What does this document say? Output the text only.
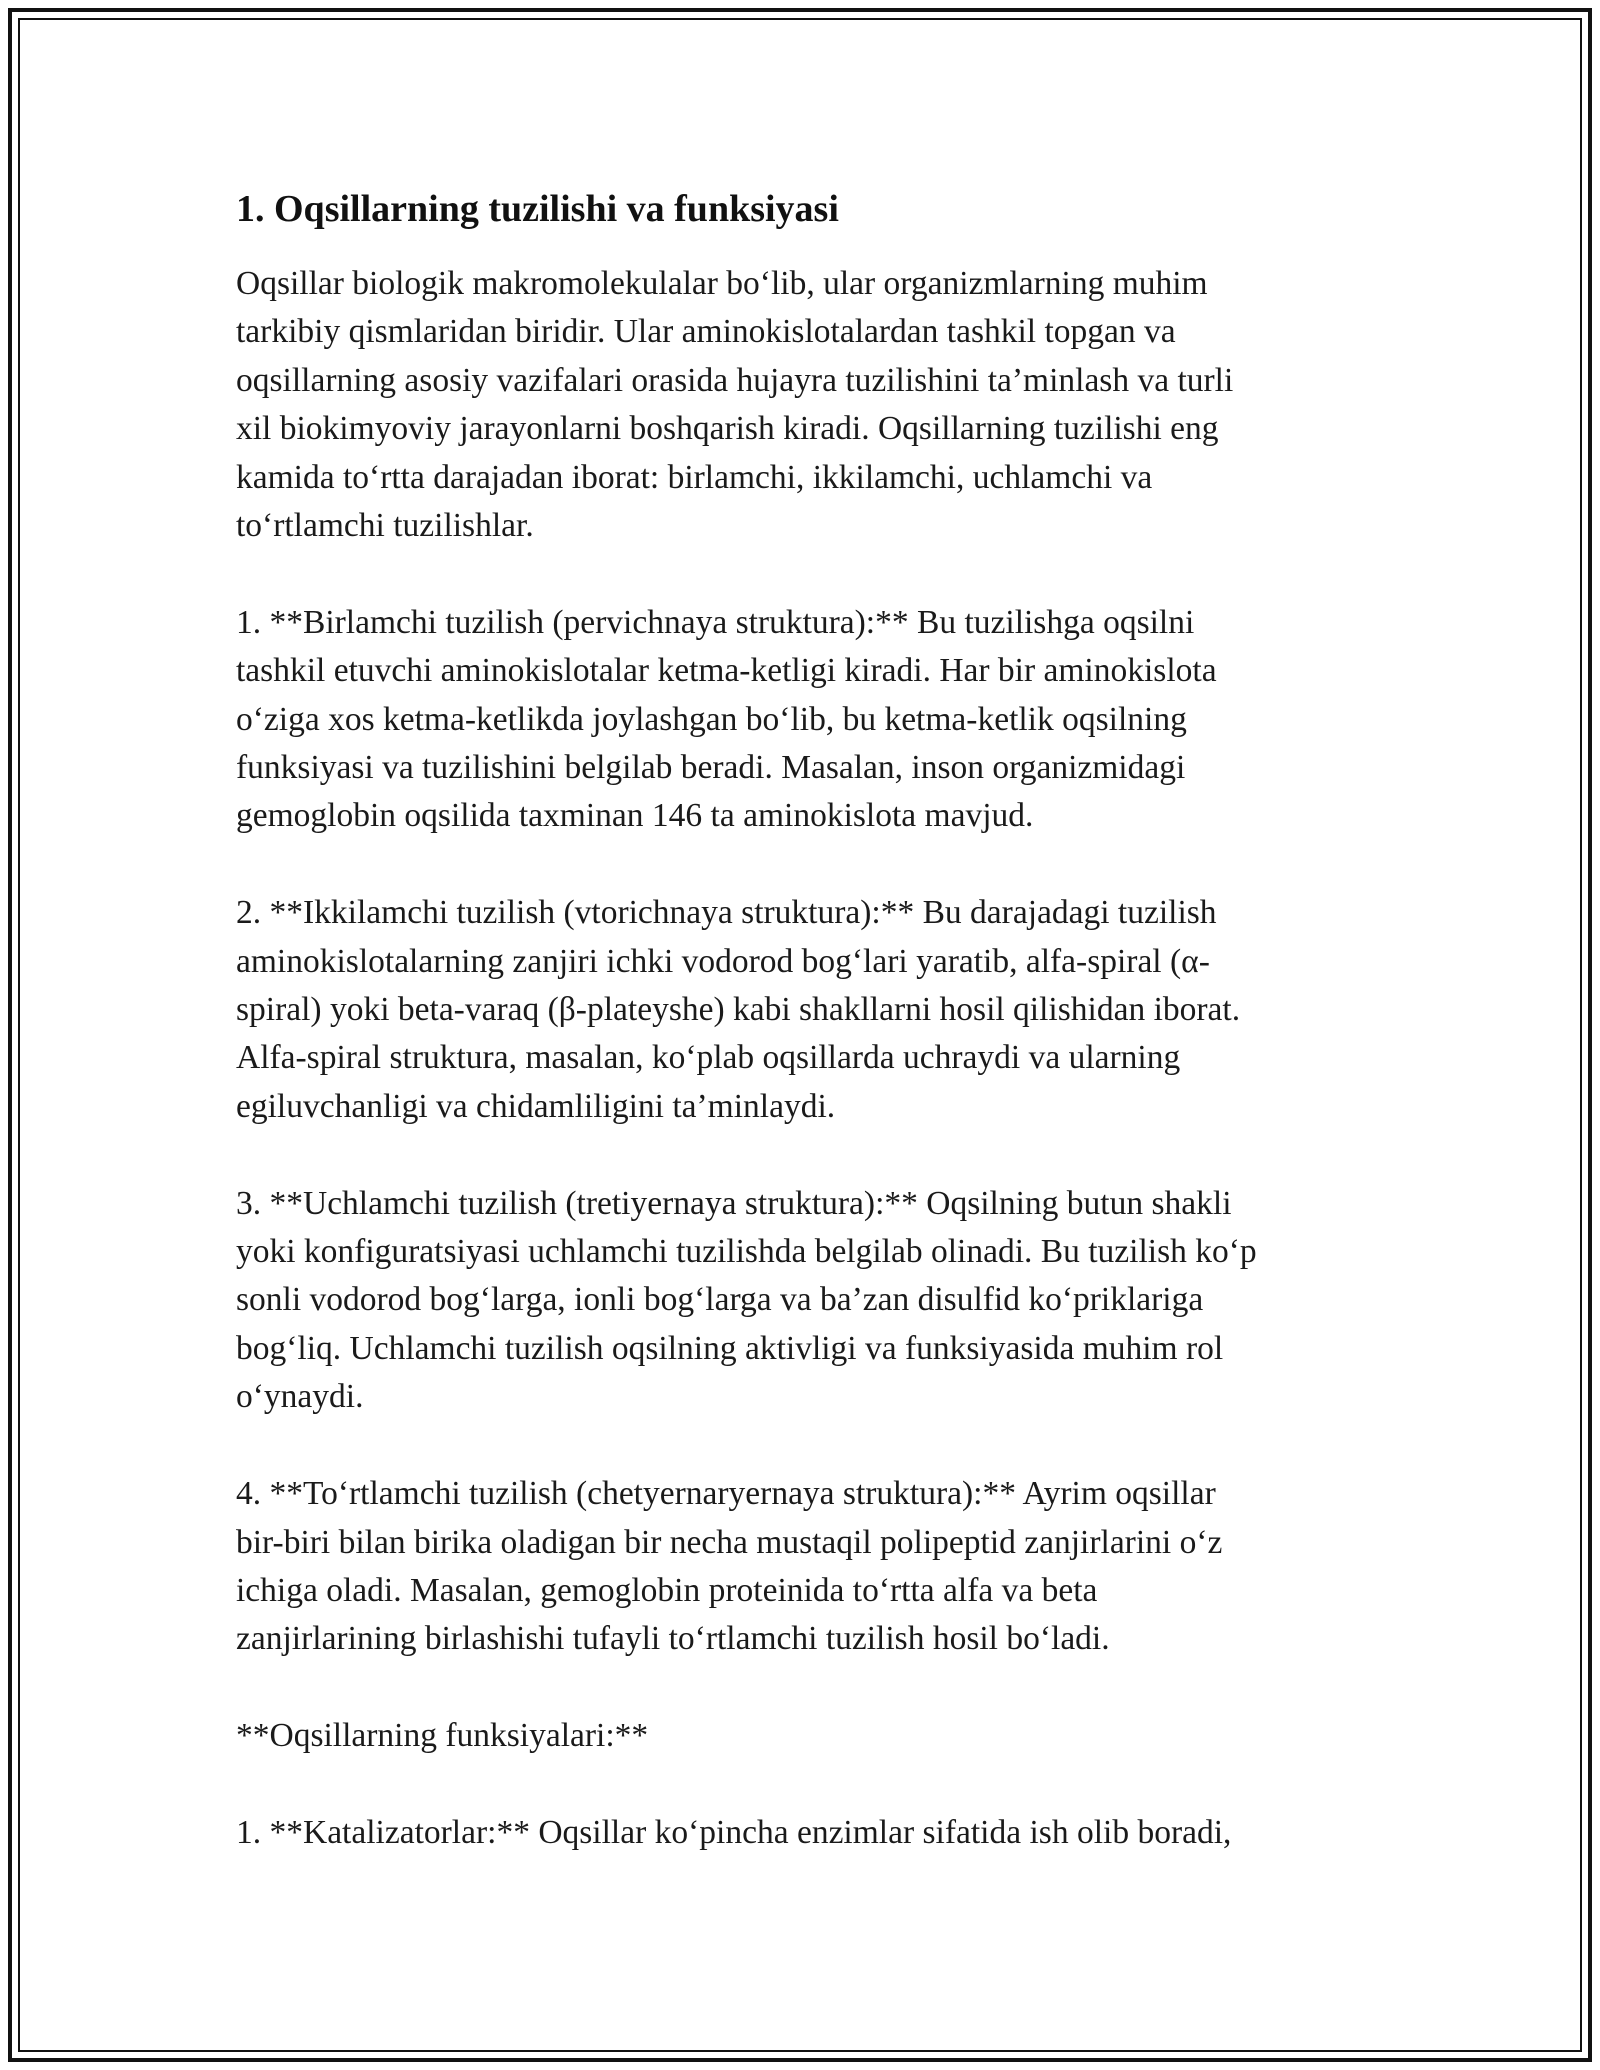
1. Oqsillarning tuzilishi va funksiyasi
Oqsillar biologik makromolekulalar bo‘lib, ular organizmlarning muhim
tarkibiy qismlaridan biridir. Ular aminokislotalardan tashkil topgan va
oqsillarning asosiy vazifalari orasida hujayra tuzilishini ta’minlash va turli
xil biokimyoviy jarayonlarni boshqarish kiradi. Oqsillarning tuzilishi eng
kamida to‘rtta darajadan iborat: birlamchi, ikkilamchi, uchlamchi va
to‘rtlamchi tuzilishlar.
1. **Birlamchi tuzilish (pervichnaya struktura):** Bu tuzilishga oqsilni
tashkil etuvchi aminokislotalar ketma-ketligi kiradi. Har bir aminokislota
o‘ziga xos ketma-ketlikda joylashgan bo‘lib, bu ketma-ketlik oqsilning
funksiyasi va tuzilishini belgilab beradi. Masalan, inson organizmidagi
gemoglobin oqsilida taxminan 146 ta aminokislota mavjud.
2. **Ikkilamchi tuzilish (vtorichnaya struktura):** Bu darajadagi tuzilish
aminokislotalarning zanjiri ichki vodorod bog‘lari yaratib, alfa-spiral (α-
spiral) yoki beta-varaq (β-plateyshe) kabi shakllarni hosil qilishidan iborat.
Alfa-spiral struktura, masalan, ko‘plab oqsillarda uchraydi va ularning
egiluvchanligi va chidamliligini ta’minlaydi.
3. **Uchlamchi tuzilish (tretiyernaya struktura):** Oqsilning butun shakli
yoki konfiguratsiyasi uchlamchi tuzilishda belgilab olinadi. Bu tuzilish ko‘p
sonli vodorod bog‘larga, ionli bog‘larga va ba’zan disulfid ko‘priklariga
bog‘liq. Uchlamchi tuzilish oqsilning aktivligi va funksiyasida muhim rol
o‘ynaydi.
4. **To‘rtlamchi tuzilish (chetyernaryernaya struktura):** Ayrim oqsillar
bir-biri bilan birika oladigan bir necha mustaqil polipeptid zanjirlarini o‘z
ichiga oladi. Masalan, gemoglobin proteinida to‘rtta alfa va beta
zanjirlarining birlashishi tufayli to‘rtlamchi tuzilish hosil bo‘ladi.
**Oqsillarning funksiyalari:**
1. **Katalizatorlar:** Oqsillar ko‘pincha enzimlar sifatida ish olib boradi,
